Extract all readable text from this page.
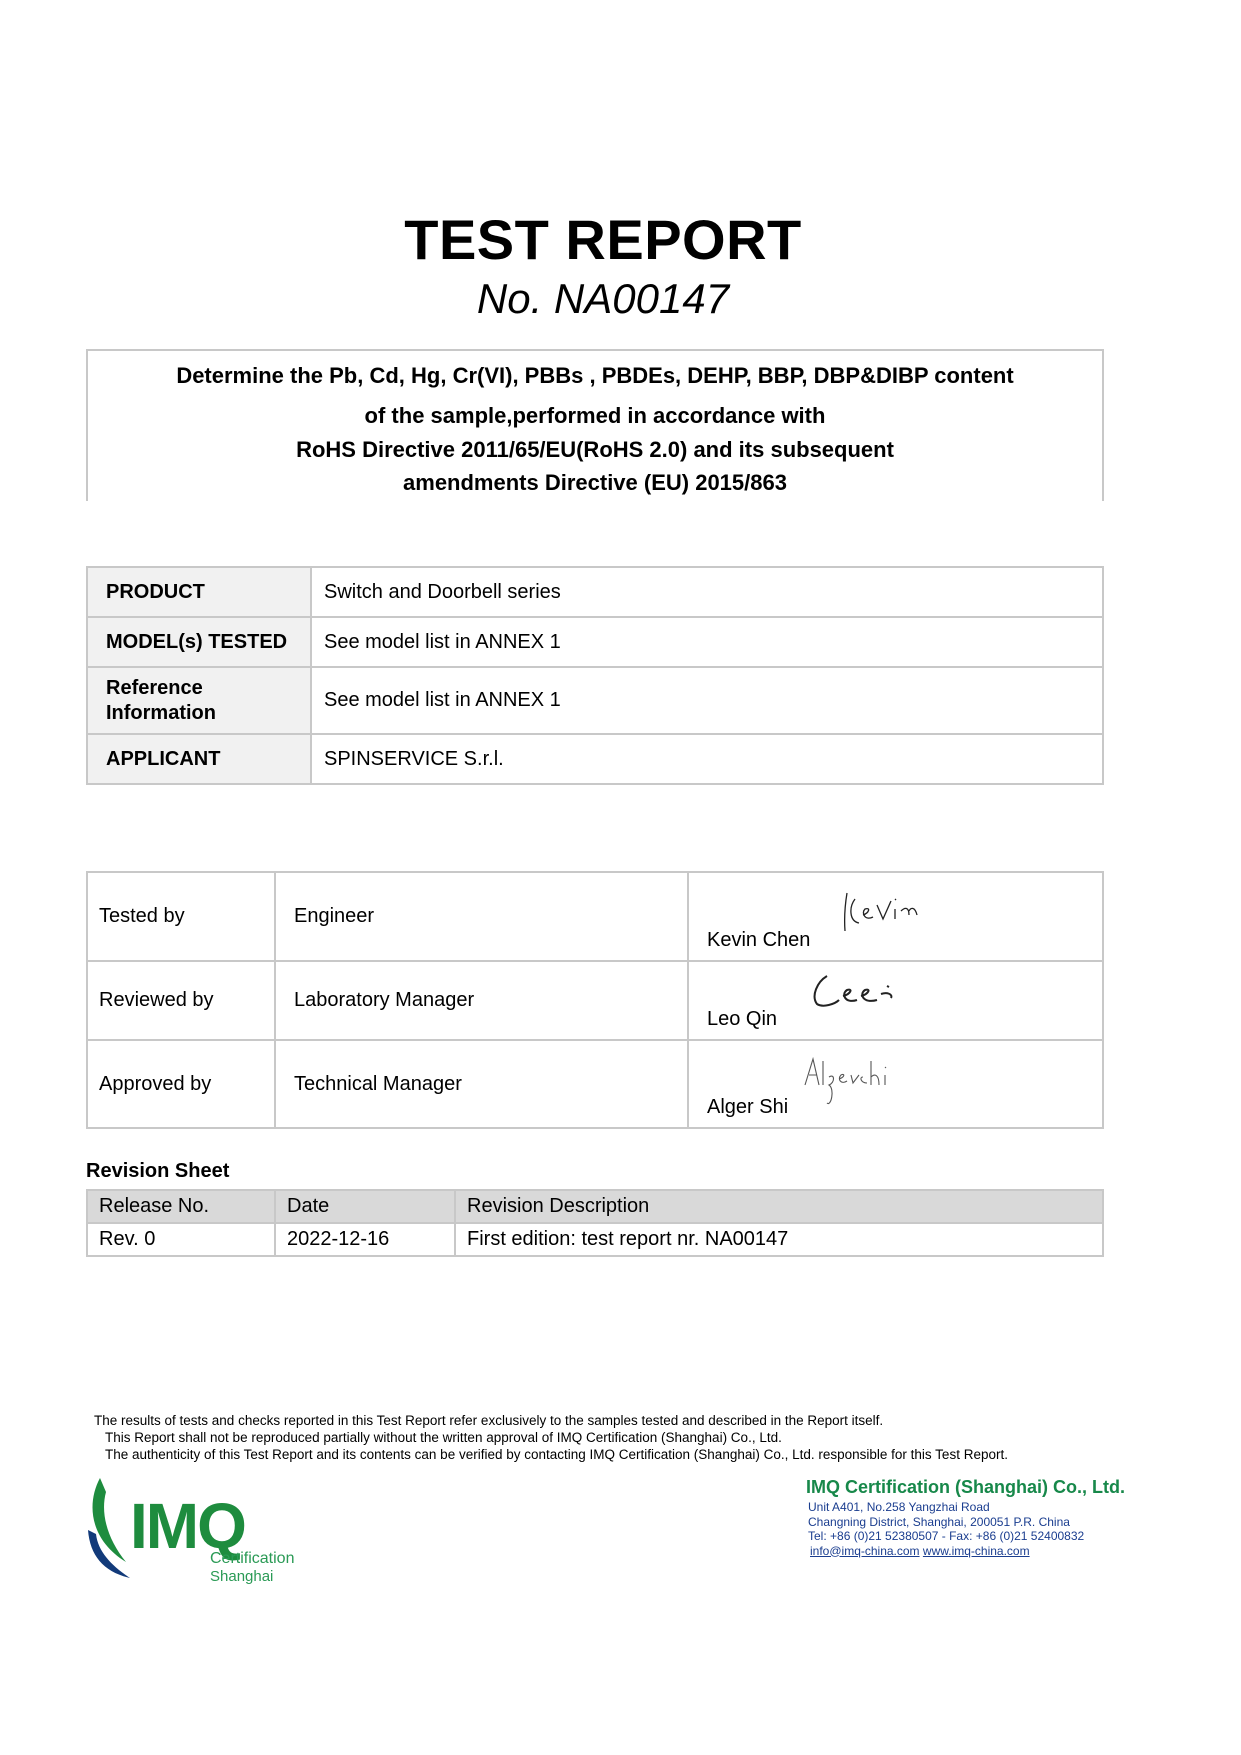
TEST REPORT
No. NA00147
Determine the Pb, Cd, Hg, Cr(VI), PBBs , PBDEs, DEHP, BBP, DBP&DIBP content
of the sample,performed in accordance with
RoHS Directive 2011/65/EU(RoHS 2.0) and its subsequent
amendments Directive (EU) 2015/863
PRODUCT	Switch and Doorbell series
MODEL(s) TESTED	See model list in ANNEX 1
Reference Information	See model list in ANNEX 1
APPLICANT	SPINSERVICE S.r.l.
Tested by	Engineer	Kevin Chen

Reviewed by	Laboratory Manager	Leo Qin

Approved by	Technical Manager	Alger Shi
Revision Sheet
Release No.	Date	Revision Description
Rev. 0	2022-12-16	First edition: test report nr. NA00147
The results of tests and checks reported in this Test Report refer exclusively to the samples tested and described in the Report itself.
This Report shall not be reproduced partially without the written approval of IMQ Certification (Shanghai) Co., Ltd.
The authenticity of this Test Report and its contents can be verified by contacting IMQ Certification (Shanghai) Co., Ltd. responsible for this Test Report.
IMQ
Certification
Shanghai
IMQ Certification (Shanghai) Co., Ltd.
Unit A401, No.258 Yangzhai Road
Changning District, Shanghai, 200051 P.R. China
Tel: +86 (0)21 52380507 - Fax: +86 (0)21 52400832
info@imq-china.com www.imq-china.com
